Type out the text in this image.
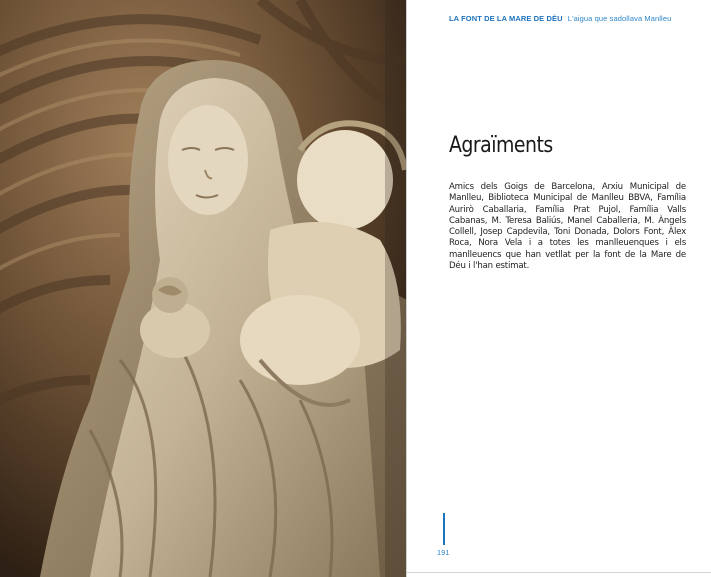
LA FONT DE LA MARE DE DÉU L'aigua que sadollava Manlleu
Agraïments
Amics dels Goigs de Barcelona, Arxiu Municipal de Manlleu, Biblioteca Municipal de Manlleu BBVA, Família Aurirò Caballaria, Família Prat Pujol, Família Valls Cabanas, M. Teresa Baliús, Manel Caballeria, M. Àngels Collell, Josep Capdevila, Toni Donada, Dolors Font, Àlex Roca, Nora Vela i a totes les manlleuenques i els manlleuencs que han vetllat per la font de la Mare de Déu i l'han estimat.
191
